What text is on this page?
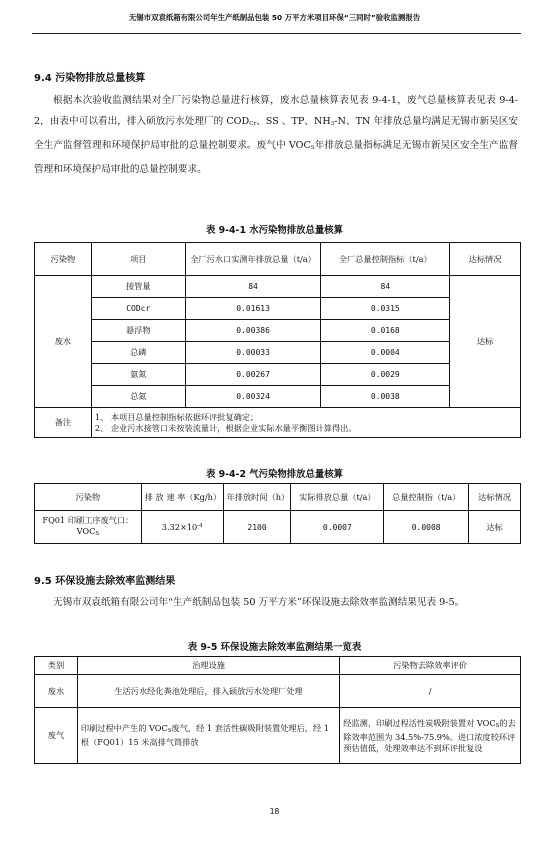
无锡市双袁纸箱有限公司年生产纸制品包装 50 万平方米项目环保“三同时”验收监测报告
9.4 污染物排放总量核算
根据本次验收监测结果对全厂污染物总量进行核算，废水总量核算表见表 9-4-1，废气总量核算表见表 9-4-2，由表中可以看出，排入硕放污水处理厂的 $COD_{Cr}$、SS 、TP、$NH_3-N$、TN 年排放总量均满足无锡市新吴区安全生产监督管理和环境保护局审批的总量控制要求。废气中 $VOC_S$年排放总量指标满足无锡市新吴区安全生产监督管理和环境保护局审批的总量控制要求。
表 9-4-1 水污染物排放总量核算
污染物	项目	全厂污水口实测年排放总量（t/a）	全厂总量控制指标（t/a）	达标情况
废水	接管量	84	84	达标
	CODcr	0.01613	0.0315	
	悬浮物	0.00386	0.0168	
	总磷	0.00033	0.0004	
	氨氮	0.00267	0.0029	
	总氮	0.00324	0.0038	
备注	1、 本项目总量控制指标依据环评批复确定；
2、 企业污水接管口未按装流量计，根据企业实际水量平衡图计算得出。			
表 9-4-2 气污染物排放总量核算
污染物	排 放 速 率（Kg/h）	年排放时间（h）	实际排放总量（t/a）	总量控制指（t/a）	达标情况
FQ01 印刷工序废气口：$VOC_S$	$3.32\times 10^{-4}$	2100	0.0007	0.0008	达标
9.5 环保设施去除效率监测结果
无锡市双袁纸箱有限公司年“生产纸制品包装 50 万平方米”环保设施去除效率监测结果见表 9-5。
表 9-5 环保设施去除效率监测结果一览表
类别	治理设施	污染物去除效率评价
废水	生活污水经化粪池处理后，排入硕放污水处理厂处理	/
废气	印刷过程中产生的 $VOC_S$废气，经 1 套活性碳吸附装置处理后，经 1 根（FQ01）15 米高排气筒排放	经监测，印刷过程活性炭吸附装置对 $VOC_S$的去除效率范围为 34.5%-75.9%。进口浓度较环评预估值低，处理效率达不到环评批复设
18
